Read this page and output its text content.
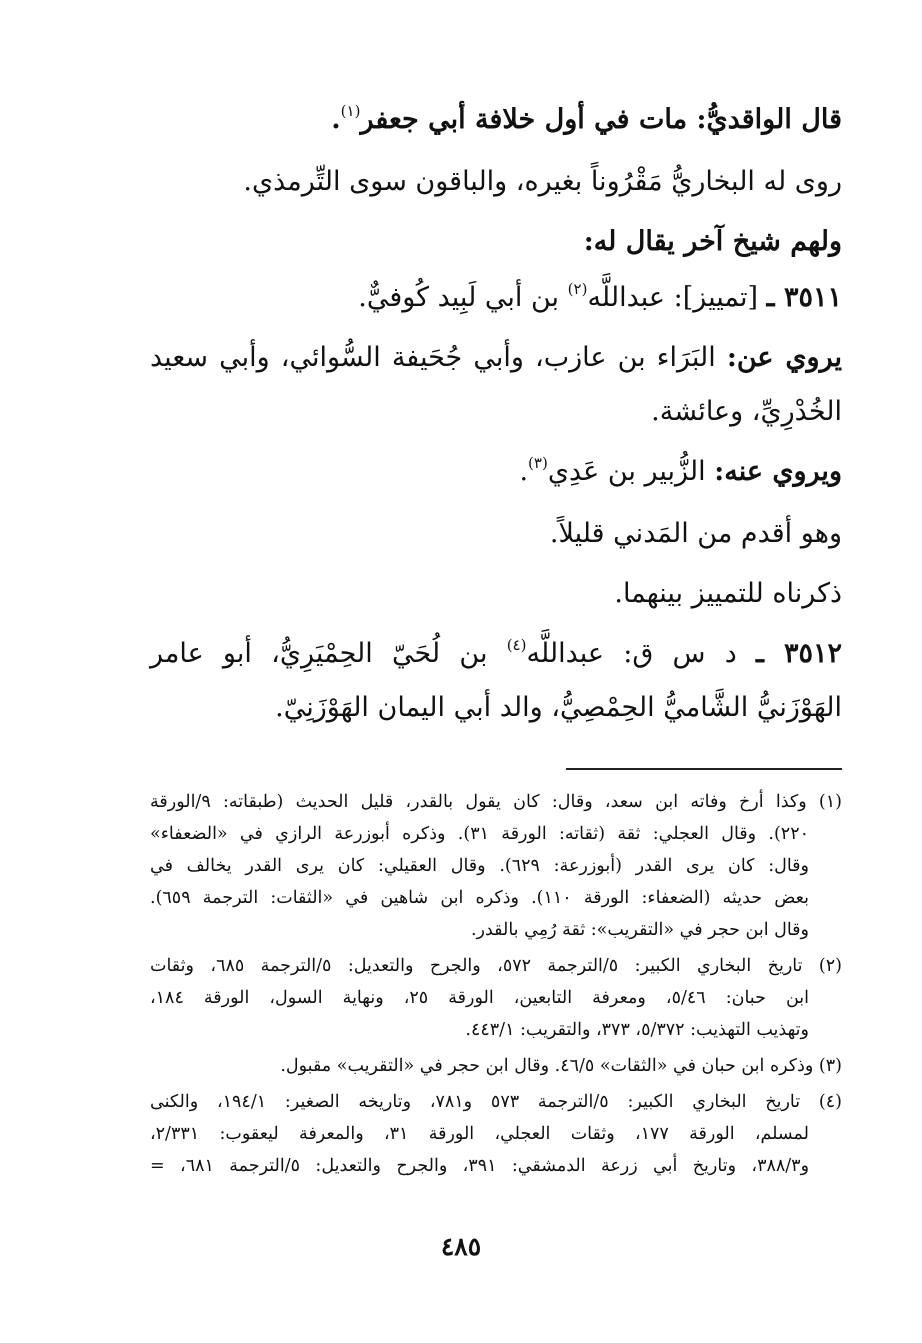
قال الواقديُّ: مات في أول خلافة أبي جعفر$^{(١)}$.
روى له البخاريُّ مَقْرُوناً بغيره، والباقون سوى التِّرمذي.
ولهم شيخ آخر يقال له:
٣٥١١ ـ [تمييز]: عبداللَّه$^{(٢)}$ بن أبي لَبِيد كُوفيٌّ.
يروي عن: البَرَاء بن عازب، وأبي جُحَيفة السُّوائي، وأبي سعيد
الخُدْرِيِّ، وعائشة.
ويروي عنه: الزُّبير بن عَدِي$^{(٣)}$.
وهو أقدم من المَدني قليلاً.
ذكرناه للتمييز بينهما.
٣٥١٢ ـ د س ق: عبداللَّه$^{(٤)}$ بن لُحَيّ الحِمْيَرِيُّ، أبو عامر
الهَوْزَنيُّ الشَّاميُّ الحِمْصِيُّ، والد أبي اليمان الهَوْزَنِيّ.
(١) وكذا أرخ وفاته ابن سعد، وقال: كان يقول بالقدر، قليل الحديث (طبقاته: ٩/الورقة
٢٢٠). وقال العجلي: ثقة (ثقاته: الورقة ٣١). وذكره أبوزرعة الرازي في «الضعفاء»
وقال: كان يرى القدر (أبوزرعة: ٦٢٩). وقال العقيلي: كان يرى القدر يخالف في
بعض حديثه (الضعفاء: الورقة ١١٠). وذكره ابن شاهين في «الثقات: الترجمة ٦٥٩).
وقال ابن حجر في «التقريب»: ثقة رُمِي بالقدر.
(٢) تاريخ البخاري الكبير: ٥/الترجمة ٥٧٢، والجرح والتعديل: ٥/الترجمة ٦٨٥، وثقات
ابن حبان: ٥/٤٦، ومعرفة التابعين، الورقة ٢٥، ونهاية السول، الورقة ١٨٤،
وتهذيب التهذيب: ٥/٣٧٢، ٣٧٣، والتقريب: ٤٤٣/١.
(٣) وذكره ابن حبان في «الثقات» ٤٦/٥. وقال ابن حجر في «التقريب» مقبول.
(٤) تاريخ البخاري الكبير: ٥/الترجمة ٥٧٣ و٧٨١، وتاريخه الصغير: ١٩٤/١، والكنى
لمسلم، الورقة ١٧٧، وثقات العجلي، الورقة ٣١، والمعرفة ليعقوب: ٢/٣٣١،
و٣٨٨/٣، وتاريخ أبي زرعة الدمشقي: ٣٩١، والجرح والتعديل: ٥/الترجمة ٦٨١، =
٤٨٥
